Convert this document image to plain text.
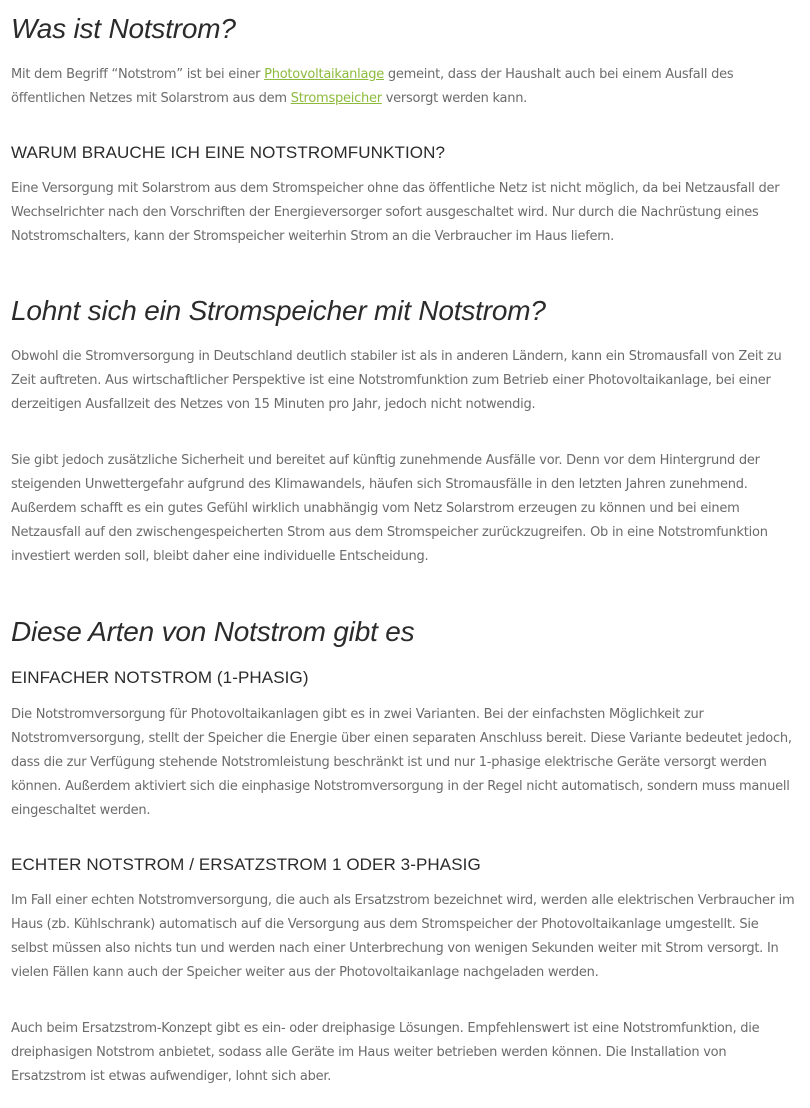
Was ist Notstrom?

Mit dem Begriff “Notstrom” ist bei einer Photovoltaikanlage gemeint, dass der Haushalt auch bei einem Ausfall des öffentlichen Netzes mit Solarstrom aus dem Stromspeicher versorgt werden kann.

WARUM BRAUCHE ICH EINE NOTSTROMFUNKTION?

Eine Versorgung mit Solarstrom aus dem Stromspeicher ohne das öffentliche Netz ist nicht möglich, da bei Netzausfall der Wechselrichter nach den Vorschriften der Energieversorger sofort ausgeschaltet wird. Nur durch die Nachrüstung eines Notstromschalters, kann der Stromspeicher weiterhin Strom an die Verbraucher im Haus liefern.

Lohnt sich ein Stromspeicher mit Notstrom?

Obwohl die Stromversorgung in Deutschland deutlich stabiler ist als in anderen Ländern, kann ein Stromausfall von Zeit zu Zeit auftreten. Aus wirtschaftlicher Perspektive ist eine Notstromfunktion zum Betrieb einer Photovoltaikanlage, bei einer derzeitigen Ausfallzeit des Netzes von 15 Minuten pro Jahr, jedoch nicht notwendig.

Sie gibt jedoch zusätzliche Sicherheit und bereitet auf künftig zunehmende Ausfälle vor. Denn vor dem Hintergrund der steigenden Unwettergefahr aufgrund des Klimawandels, häufen sich Stromausfälle in den letzten Jahren zunehmend. Außerdem schafft es ein gutes Gefühl wirklich unabhängig vom Netz Solarstrom erzeugen zu können und bei einem Netzausfall auf den zwischengespeicherten Strom aus dem Stromspeicher zurückzugreifen. Ob in eine Notstromfunktion investiert werden soll, bleibt daher eine individuelle Entscheidung.

Diese Arten von Notstrom gibt es
EINFACHER NOTSTROM (1-PHASIG)

Die Notstromversorgung für Photovoltaikanlagen gibt es in zwei Varianten. Bei der einfachsten Möglichkeit zur Notstromversorgung, stellt der Speicher die Energie über einen separaten Anschluss bereit. Diese Variante bedeutet jedoch, dass die zur Verfügung stehende Notstromleistung beschränkt ist und nur 1-phasige elektrische Geräte versorgt werden können. Außerdem aktiviert sich die einphasige Notstromversorgung in der Regel nicht automatisch, sondern muss manuell eingeschaltet werden.

ECHTER NOTSTROM / ERSATZSTROM 1 ODER 3-PHASIG

Im Fall einer echten Notstromversorgung, die auch als Ersatzstrom bezeichnet wird, werden alle elektrischen Verbraucher im Haus (zb. Kühlschrank) automatisch auf die Versorgung aus dem Stromspeicher der Photovoltaikanlage umgestellt. Sie selbst müssen also nichts tun und werden nach einer Unterbrechung von wenigen Sekunden weiter mit Strom versorgt. In vielen Fällen kann auch der Speicher weiter aus der Photovoltaikanlage nachgeladen werden.

Auch beim Ersatzstrom-Konzept gibt es ein- oder dreiphasige Lösungen. Empfehlenswert ist eine Notstromfunktion, die dreiphasigen Notstrom anbietet, sodass alle Geräte im Haus weiter betrieben werden können. Die Installation von Ersatzstrom ist etwas aufwendiger, lohnt sich aber.
